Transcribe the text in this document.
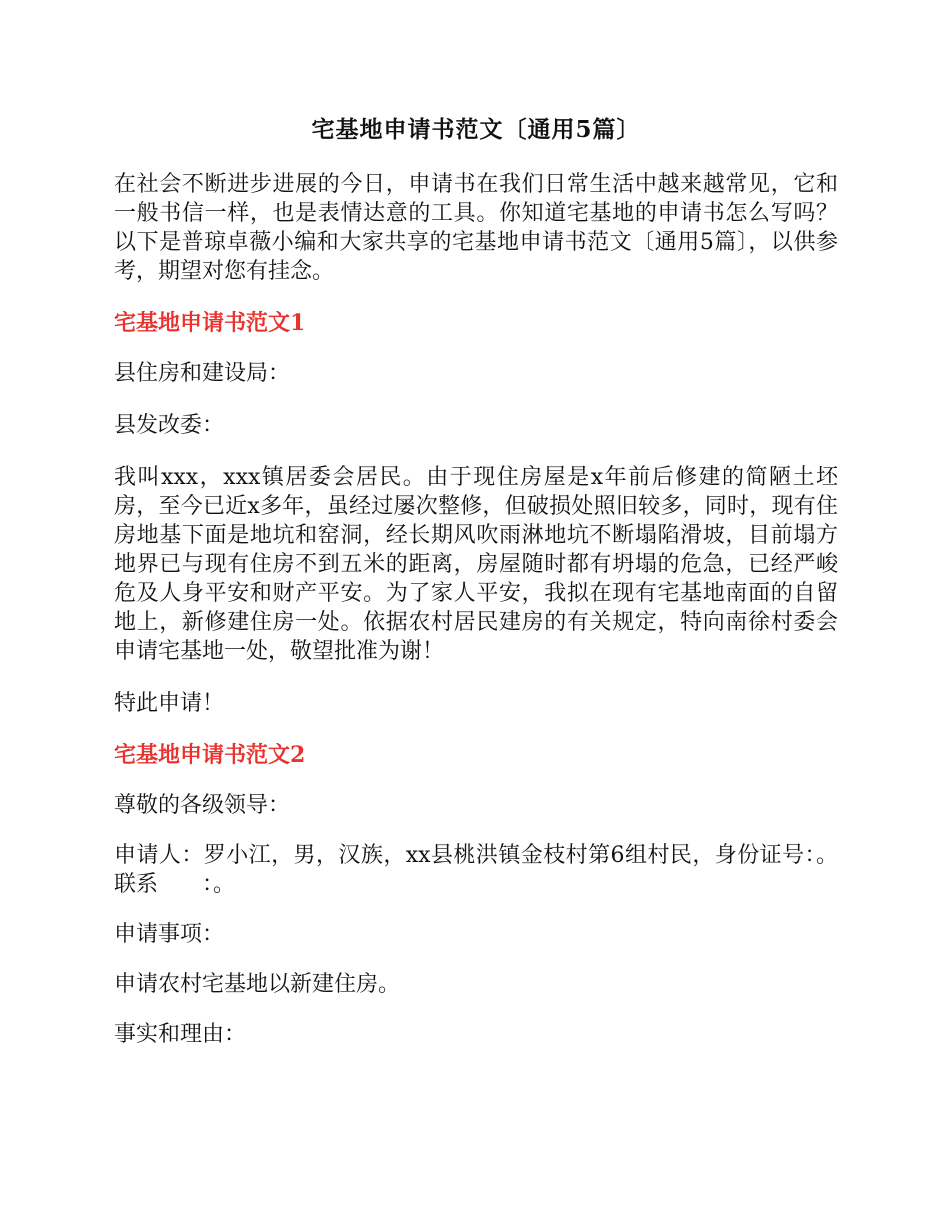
宅基地申请书范文〔通用5篇〕

在社会不断进步进展的今日，申请书在我们日常生活中越来越常见，它和一般书信一样，也是表情达意的工具。你知道宅基地的申请书怎么写吗？以下是普琼卓薇小编和大家共享的宅基地申请书范文〔通用5篇〕，以供参考，期望对您有挂念。

宅基地申请书范文1

县住房和建设局：

县发改委：

我叫xxx，xxx镇居委会居民。由于现住房屋是x年前后修建的简陋土坯房，至今已近x多年，虽经过屡次整修，但破损处照旧较多，同时，现有住房地基下面是地坑和窑洞，经长期风吹雨淋地坑不断塌陷滑坡，目前塌方地界已与现有住房不到五米的距离，房屋随时都有坍塌的危急，已经严峻危及人身平安和财产平安。为了家人平安，我拟在现有宅基地南面的自留地上，新修建住房一处。依据农村居民建房的有关规定，特向南徐村委会申请宅基地一处，敬望批准为谢！

特此申请！

宅基地申请书范文2

尊敬的各级领导：

申请人：罗小江，男，汉族，xx县桃洪镇金枝村第6组村民，身份证号：。联系　　：。

申请事项：

申请农村宅基地以新建住房。

事实和理由：
